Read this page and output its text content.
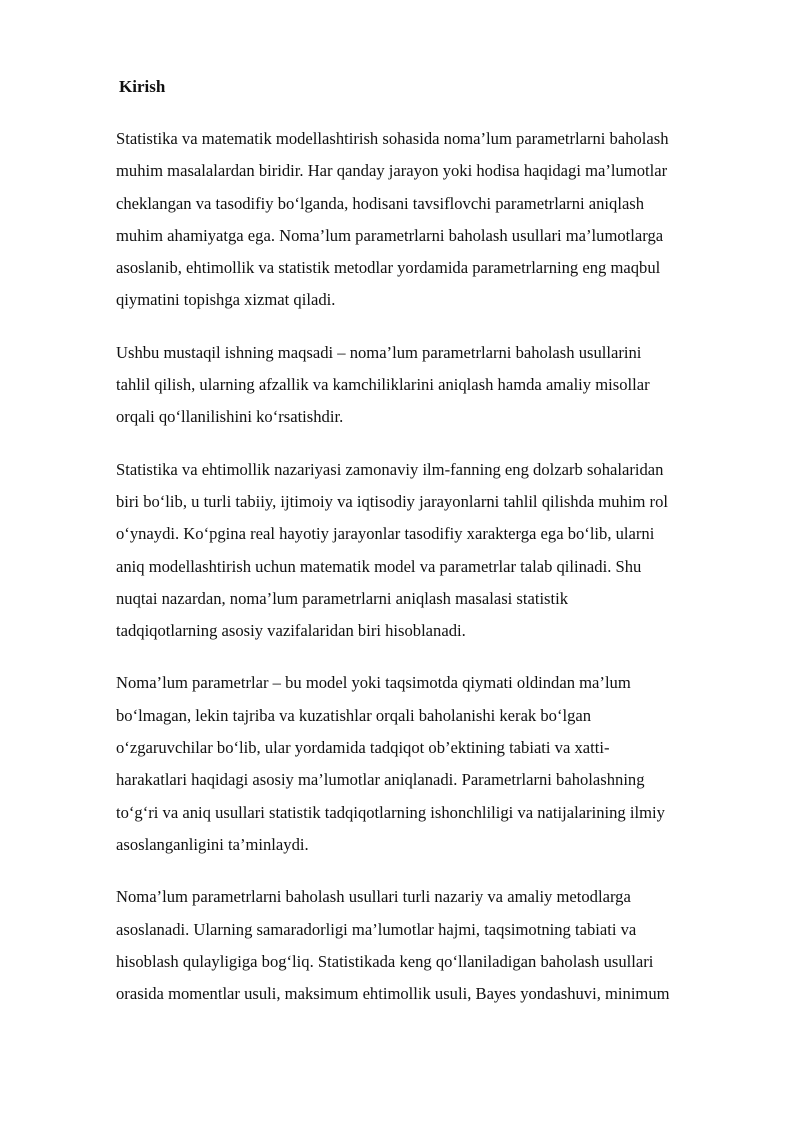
Kirish

Statistika va matematik modellashtirish sohasida noma’lum parametrlarni baholash
muhim masalalardan biridir. Har qanday jarayon yoki hodisa haqidagi ma’lumotlar
cheklangan va tasodifiy bo‘lganda, hodisani tavsiflovchi parametrlarni aniqlash
muhim ahamiyatga ega. Noma’lum parametrlarni baholash usullari ma’lumotlarga
asoslanib, ehtimollik va statistik metodlar yordamida parametrlarning eng maqbul
qiymatini topishga xizmat qiladi.

Ushbu mustaqil ishning maqsadi – noma’lum parametrlarni baholash usullarini
tahlil qilish, ularning afzallik va kamchiliklarini aniqlash hamda amaliy misollar
orqali qo‘llanilishini ko‘rsatishdir.

Statistika va ehtimollik nazariyasi zamonaviy ilm-fanning eng dolzarb sohalaridan
biri bo‘lib, u turli tabiiy, ijtimoiy va iqtisodiy jarayonlarni tahlil qilishda muhim rol
o‘ynaydi. Ko‘pgina real hayotiy jarayonlar tasodifiy xarakterga ega bo‘lib, ularni
aniq modellashtirish uchun matematik model va parametrlar talab qilinadi. Shu
nuqtai nazardan, noma’lum parametrlarni aniqlash masalasi statistik
tadqiqotlarning asosiy vazifalaridan biri hisoblanadi.

Noma’lum parametrlar – bu model yoki taqsimotda qiymati oldindan ma’lum
bo‘lmagan, lekin tajriba va kuzatishlar orqali baholanishi kerak bo‘lgan
o‘zgaruvchilar bo‘lib, ular yordamida tadqiqot ob’ektining tabiati va xatti-
harakatlari haqidagi asosiy ma’lumotlar aniqlanadi. Parametrlarni baholashning
to‘g‘ri va aniq usullari statistik tadqiqotlarning ishonchliligi va natijalarining ilmiy
asoslanganligini ta’minlaydi.

Noma’lum parametrlarni baholash usullari turli nazariy va amaliy metodlarga
asoslanadi. Ularning samaradorligi ma’lumotlar hajmi, taqsimotning tabiati va
hisoblash qulayligiga bog‘liq. Statistikada keng qo‘llaniladigan baholash usullari
orasida momentlar usuli, maksimum ehtimollik usuli, Bayes yondashuvi, minimum
